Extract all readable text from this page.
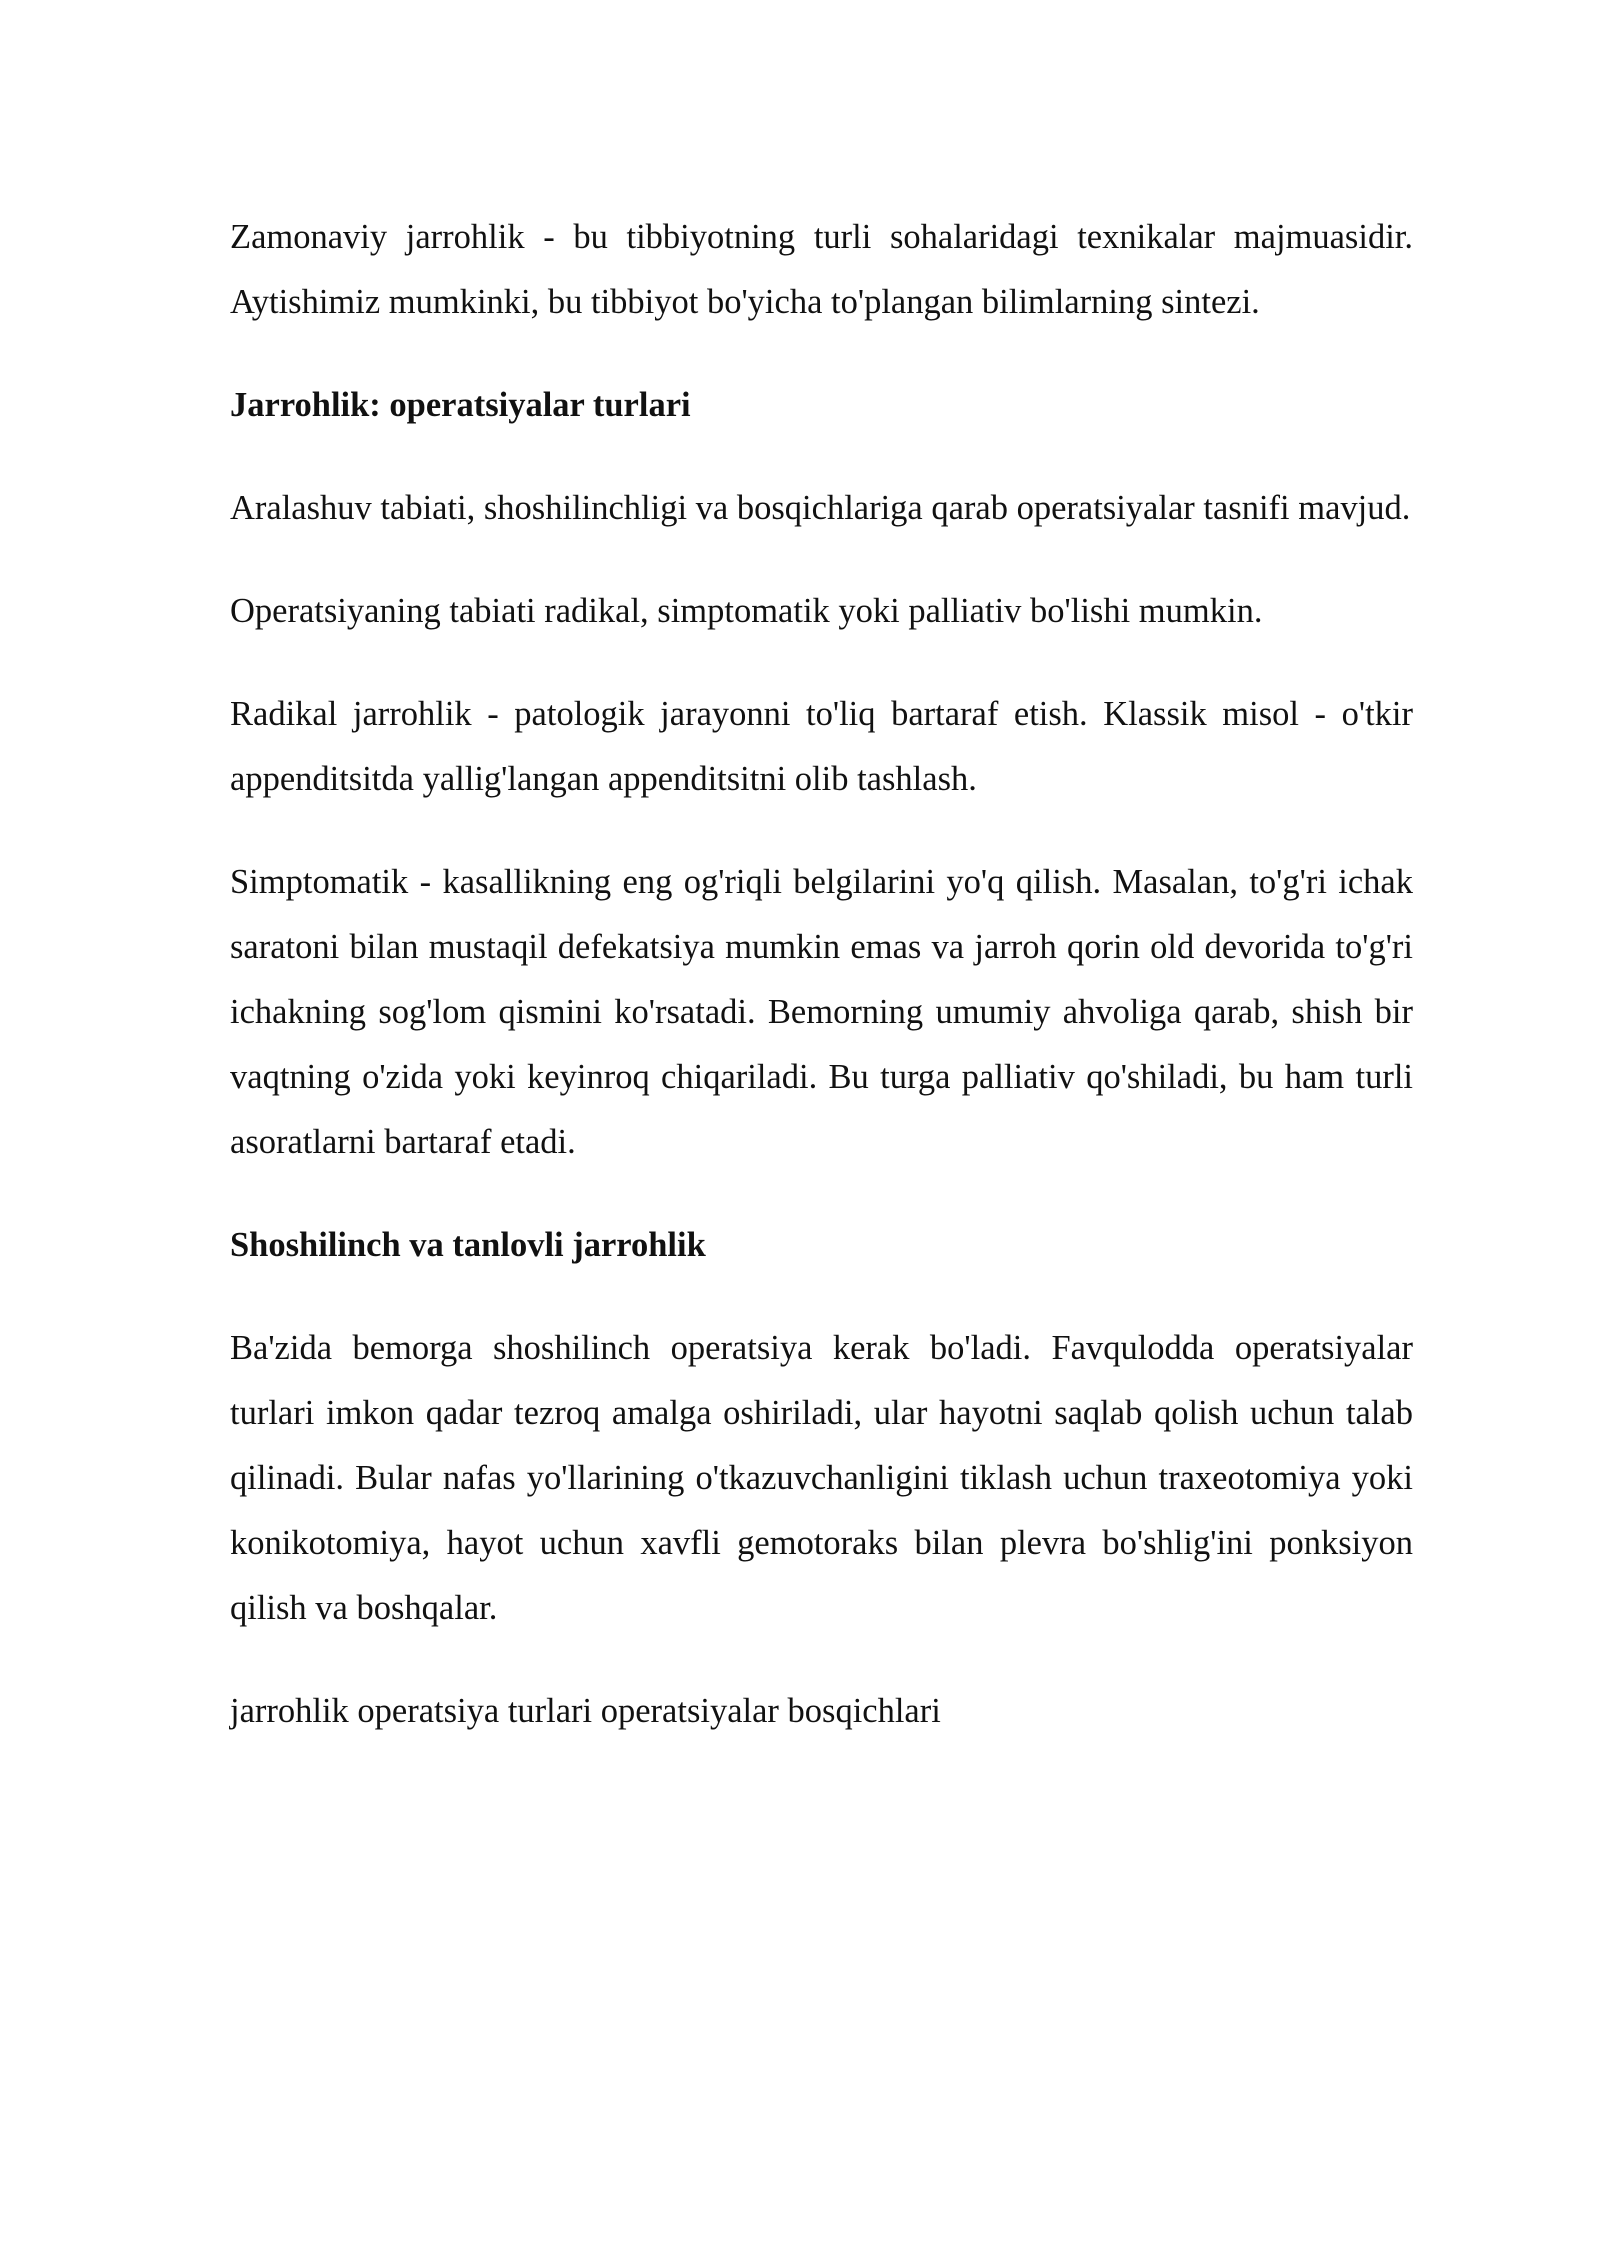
Zamonaviy jarrohlik - bu tibbiyotning turli sohalaridagi texnikalar majmuasidir. Aytishimiz mumkinki, bu tibbiyot bo'yicha to'plangan bilimlarning sintezi.

Jarrohlik: operatsiyalar turlari

Aralashuv tabiati, shoshilinchligi va bosqichlariga qarab operatsiyalar tasnifi mavjud.

Operatsiyaning tabiati radikal, simptomatik yoki palliativ bo'lishi mumkin.

Radikal jarrohlik - patologik jarayonni to'liq bartaraf etish. Klassik misol - o'tkir appenditsitda yallig'langan appenditsitni olib tashlash.

Simptomatik - kasallikning eng og'riqli belgilarini yo'q qilish. Masalan, to'g'ri ichak saratoni bilan mustaqil defekatsiya mumkin emas va jarroh qorin old devorida to'g'ri ichakning sog'lom qismini ko'rsatadi. Bemorning umumiy ahvoliga qarab, shish bir vaqtning o'zida yoki keyinroq chiqariladi. Bu turga palliativ qo'shiladi, bu ham turli asoratlarni bartaraf etadi.

Shoshilinch va tanlovli jarrohlik

Ba'zida bemorga shoshilinch operatsiya kerak bo'ladi. Favqulodda operatsiyalar turlari imkon qadar tezroq amalga oshiriladi, ular hayotni saqlab qolish uchun talab qilinadi. Bular nafas yo'llarining o'tkazuvchanligini tiklash uchun traxeotomiya yoki konikotomiya, hayot uchun xavfli gemotoraks bilan plevra bo'shlig'ini ponksiyon qilish va boshqalar.

jarrohlik operatsiya turlari operatsiyalar bosqichlari
